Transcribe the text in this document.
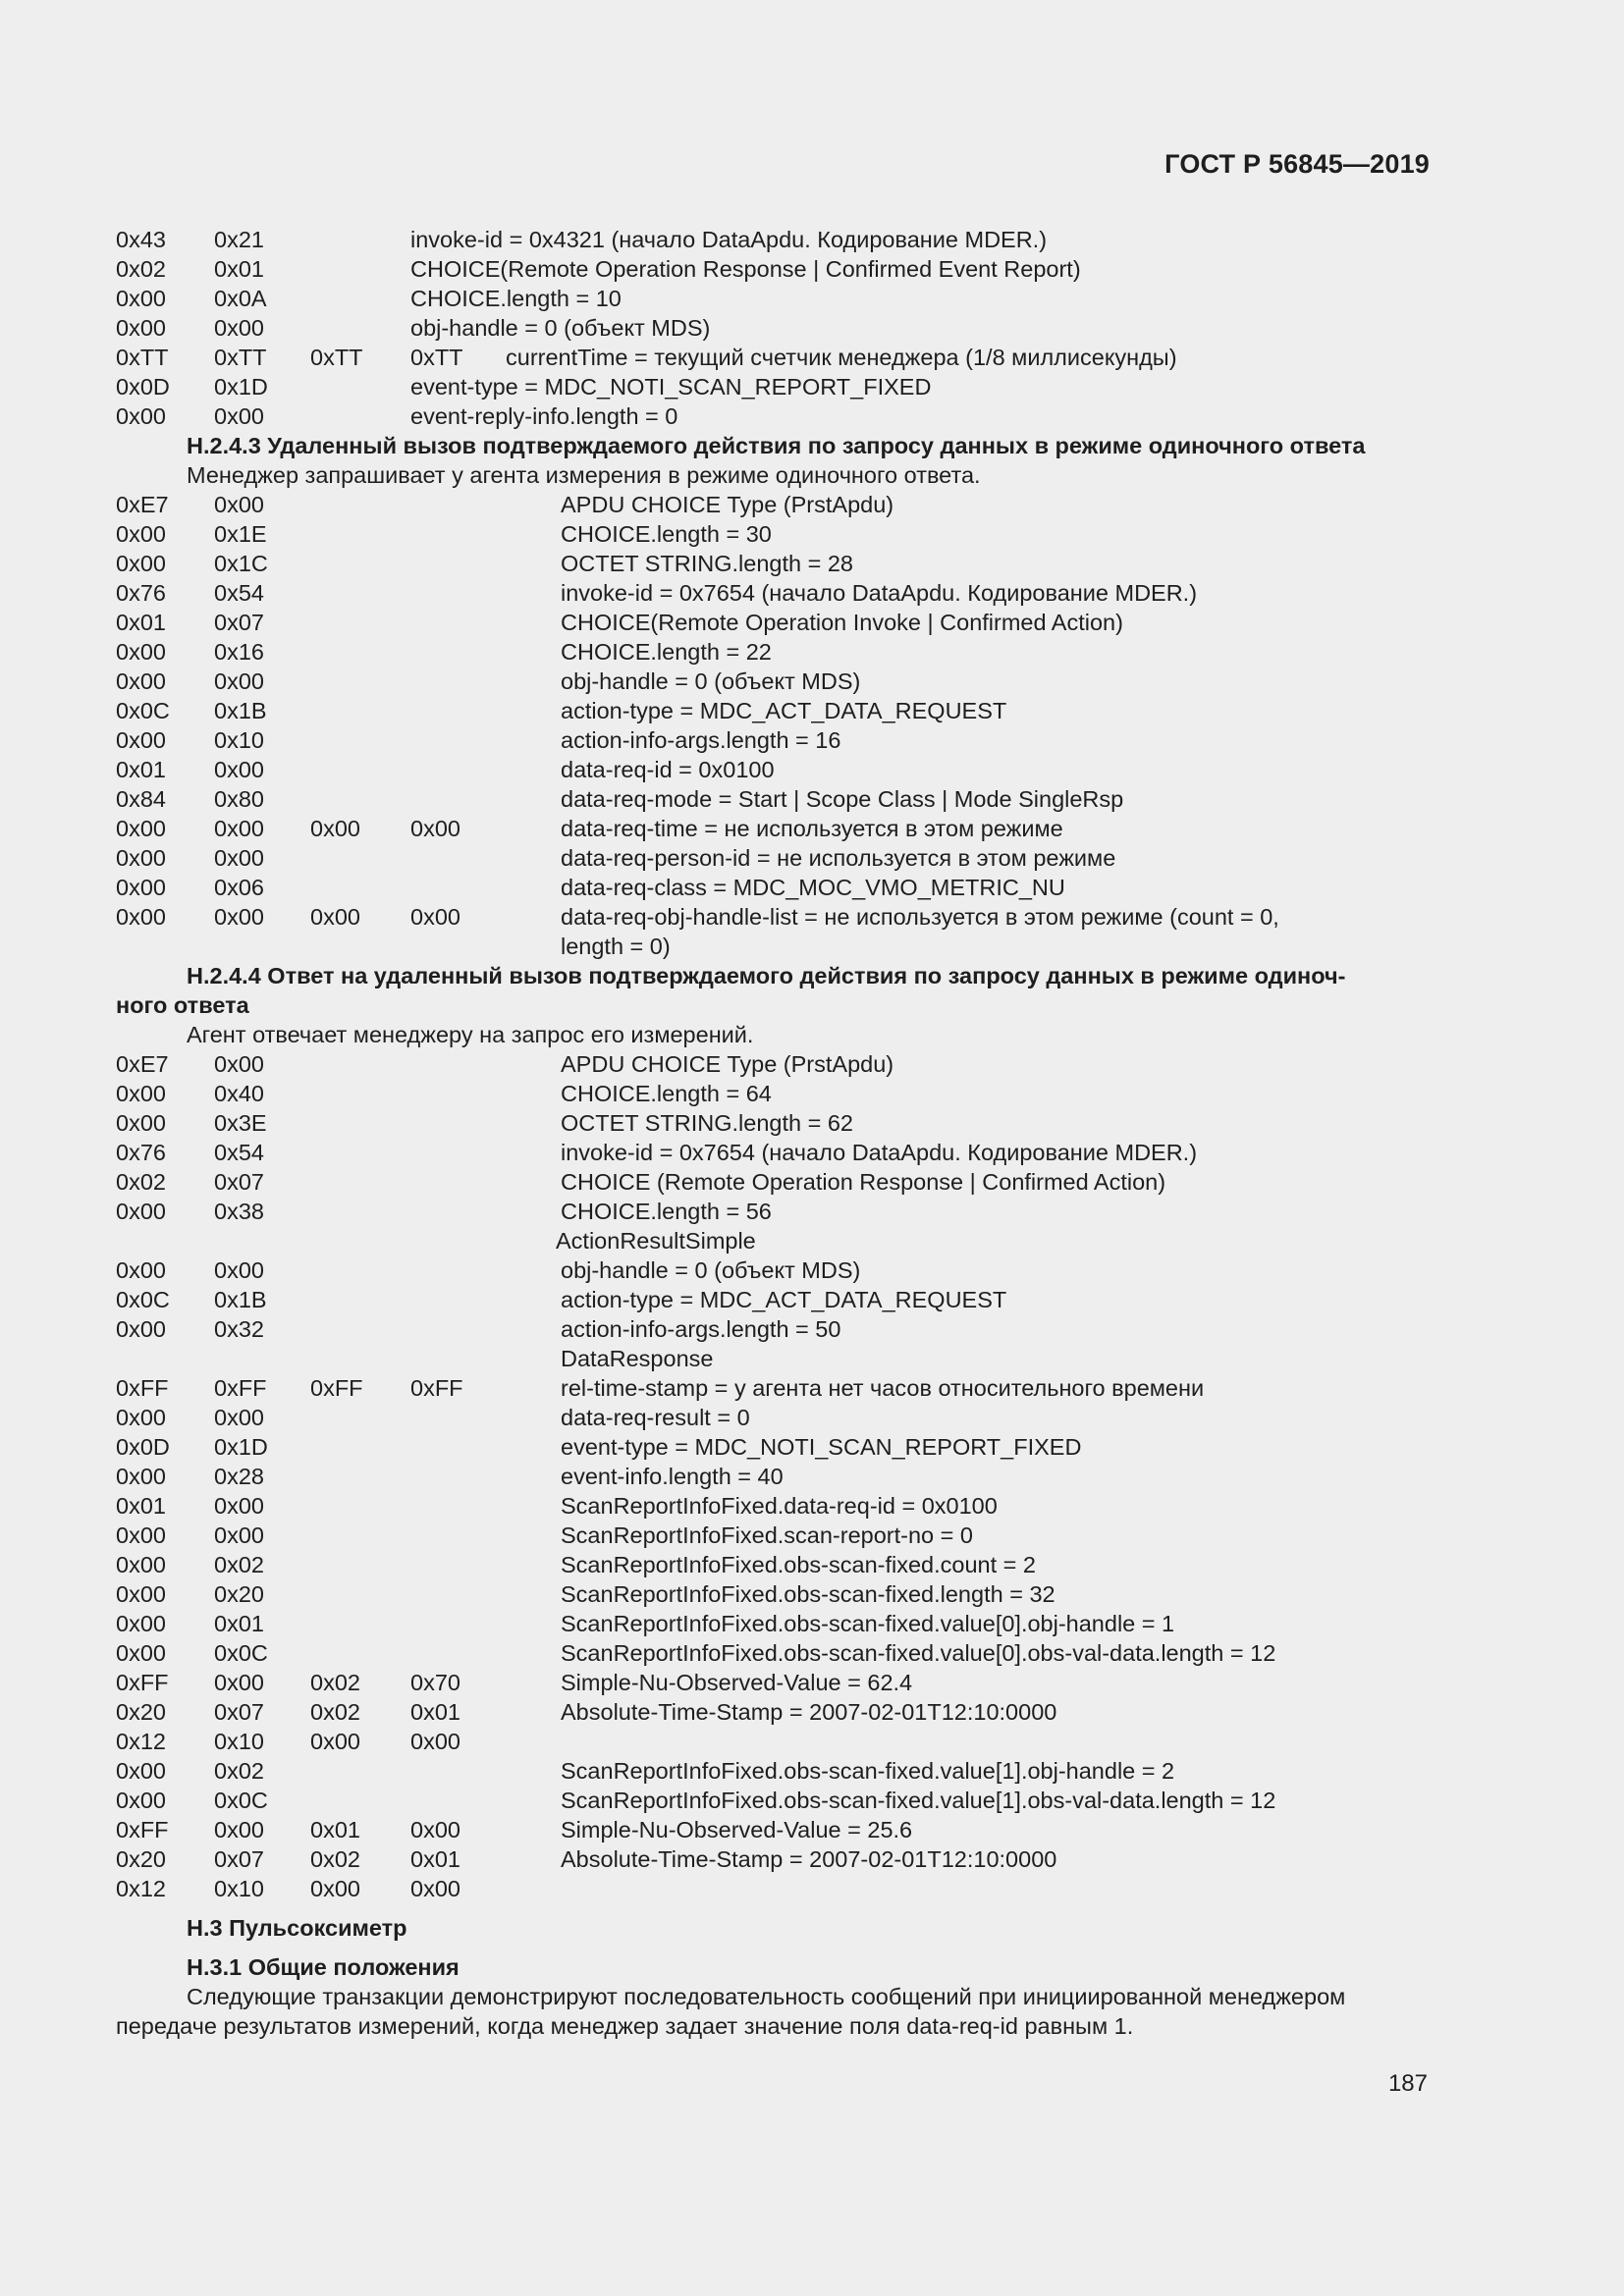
ГОСТ Р 56845—2019
0x43 0x21	invoke-id = 0x4321 (начало DataApdu. Кодирование MDER.)
0x02 0x01	CHOICE(Remote Operation Response | Confirmed Event Report)
0x00 0x0A	CHOICE.length = 10
0x00 0x00	obj-handle = 0 (объект MDS)
0xTT 0xTT 0xTT 0xTT currentTime = текущий счетчик менеджера (1/8 миллисекунды)
0x0D 0x1D	event-type = MDC_NOTI_SCAN_REPORT_FIXED
0x00 0x00	event-reply-info.length = 0
Н.2.4.3 Удаленный вызов подтверждаемого действия по запросу данных в режиме одиночного ответа
Менеджер запрашивает у агента измерения в режиме одиночного ответа.
0xE7 0x00	APDU CHOICE Type (PrstApdu)
0x00 0x1E	CHOICE.length = 30
0x00 0x1C	OCTET STRING.length = 28
0x76 0x54	invoke-id = 0x7654 (начало DataApdu. Кодирование MDER.)
0x01 0x07	CHOICE(Remote Operation Invoke | Confirmed Action)
0x00 0x16	CHOICE.length = 22
0x00 0x00	obj-handle = 0 (объект MDS)
0x0C 0x1B	action-type = MDC_ACT_DATA_REQUEST
0x00 0x10	action-info-args.length = 16
0x01 0x00	data-req-id = 0x0100
0x84 0x80	data-req-mode = Start | Scope Class | Mode SingleRsp
0x00 0x00 0x00 0x00	data-req-time = не используется в этом режиме
0x00 0x00	data-req-person-id = не используется в этом режиме
0x00 0x06	data-req-class = MDC_MOC_VMO_METRIC_NU
0x00 0x00 0x00 0x00	data-req-obj-handle-list = не используется в этом режиме (count = 0,
length = 0)
Н.2.4.4 Ответ на удаленный вызов подтверждаемого действия по запросу данных в режиме одиноч-
ного ответа
Агент отвечает менеджеру на запрос его измерений.
0xE7 0x00	APDU CHOICE Type (PrstApdu)
0x00 0x40	CHOICE.length = 64
0x00 0x3E	OCTET STRING.length = 62
0x76 0x54	invoke-id = 0x7654 (начало DataApdu. Кодирование MDER.)
0x02 0x07	CHOICE (Remote Operation Response | Confirmed Action)
0x00 0x38	CHOICE.length = 56
ActionResultSimple
0x00 0x00	obj-handle = 0 (объект MDS)
0x0C 0x1B	action-type = MDC_ACT_DATA_REQUEST
0x00 0x32	action-info-args.length = 50
DataResponse
0xFF 0xFF 0xFF 0xFF	rel-time-stamp = у агента нет часов относительного времени
0x00 0x00	data-req-result = 0
0x0D 0x1D	event-type = MDC_NOTI_SCAN_REPORT_FIXED
0x00 0x28	event-info.length = 40
0x01 0x00	ScanReportInfoFixed.data-req-id = 0x0100
0x00 0x00	ScanReportInfoFixed.scan-report-no = 0
0x00 0x02	ScanReportInfoFixed.obs-scan-fixed.count = 2
0x00 0x20	ScanReportInfoFixed.obs-scan-fixed.length = 32
0x00 0x01	ScanReportInfoFixed.obs-scan-fixed.value[0].obj-handle = 1
0x00 0x0C	ScanReportInfoFixed.obs-scan-fixed.value[0].obs-val-data.length = 12
0xFF 0x00 0x02 0x70	Simple-Nu-Observed-Value = 62.4
0x20 0x07 0x02 0x01	Absolute-Time-Stamp = 2007-02-01T12:10:0000
0x12 0x10 0x00 0x00
0x00 0x02	ScanReportInfoFixed.obs-scan-fixed.value[1].obj-handle = 2
0x00 0x0C	ScanReportInfoFixed.obs-scan-fixed.value[1].obs-val-data.length = 12
0xFF 0x00 0x01 0x00	Simple-Nu-Observed-Value = 25.6
0x20 0x07 0x02 0x01	Absolute-Time-Stamp = 2007-02-01T12:10:0000
0x12 0x10 0x00 0x00
Н.3 Пульсоксиметр
Н.3.1 Общие положения
Следующие транзакции демонстрируют последовательность сообщений при инициированной менеджером
передаче результатов измерений, когда менеджер задает значение поля data-req-id равным 1.
187
